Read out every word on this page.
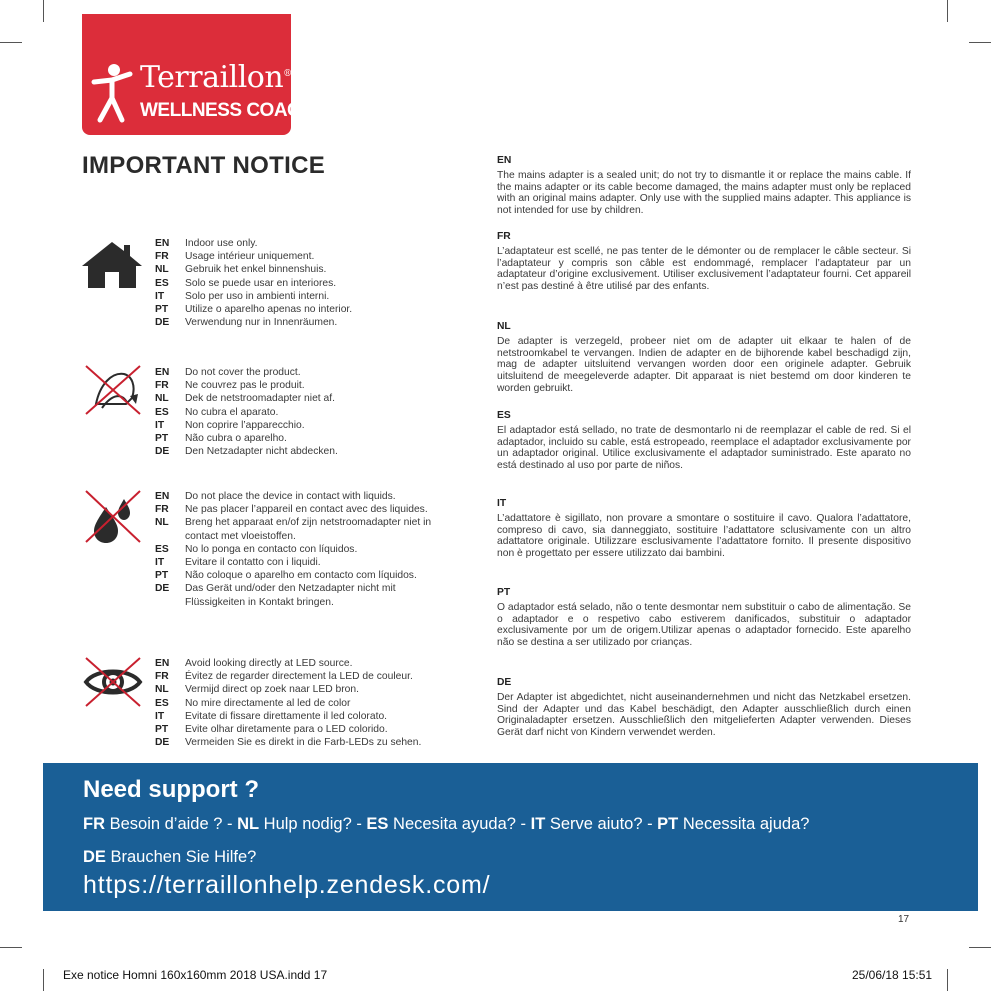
Terraillon®
WELLNESS COACH
IMPORTANT NOTICE
EN	Indoor use only.
FR	Usage intérieur uniquement.
NL	Gebruik het enkel binnenshuis.
ES	Solo se puede usar en interiores.
IT	Solo per uso in ambienti interni.
PT	Utilize o aparelho apenas no interior.
DE	Verwendung nur in Innenräumen.
EN	Do not cover the product.
FR	Ne couvrez pas le produit.
NL	Dek de netstroomadapter niet af.
ES	No cubra el aparato.
IT	Non coprire l’apparecchio.
PT	Não cubra o aparelho.
DE	Den Netzadapter nicht abdecken.
EN	Do not place the device in contact with liquids.
FR	Ne pas placer l’appareil en contact avec des liquides.
NL	Breng het apparaat en/of zijn netstroomadapter niet in contact met vloeistoffen.
ES	No lo ponga en contacto con líquidos.
IT	Evitare il contatto con i liquidi.
PT	Não coloque o aparelho em contacto com líquidos.
DE	Das Gerät und/oder den Netzadapter nicht mit Flüssigkeiten in Kontakt bringen.
EN	Avoid looking directly at LED source.
FR	Évitez de regarder directement la LED de couleur.
NL	Vermijd direct op zoek naar LED bron.
ES	No mire directamente al led de color
IT	Evitate di fissare direttamente il led colorato.
PT	Evite olhar diretamente para o LED colorido.
DE	Vermeiden Sie es direkt in die Farb-LEDs zu sehen.
EN
The mains adapter is a sealed unit; do not try to dismantle it or replace the mains cable. If the mains adapter or its cable become damaged, the mains adapter must only be replaced with an original mains adapter. Only use with the supplied mains adapter. This appliance is not intended for use by children.
FR
L’adaptateur est scellé, ne pas tenter de le démonter ou de remplacer le câble secteur. Si l’adaptateur y compris son câble est endommagé, remplacer l’adaptateur par un adaptateur d’origine exclusivement. Utiliser exclusivement l’adaptateur fourni. Cet appareil n’est pas destiné à être utilisé par des enfants.
NL
De adapter is verzegeld, probeer niet om de adapter uit elkaar te halen of de netstroomkabel te vervangen. Indien de adapter en de bijhorende kabel beschadigd zijn, mag de adapter uitsluitend vervangen worden door een originele adapter. Gebruik uitsluitend de meegeleverde adapter. Dit apparaat is niet bestemd om door kinderen te worden gebruikt.
ES
El adaptador está sellado, no trate de desmontarlo ni de reemplazar el cable de red. Si el adaptador, incluido su cable, está estropeado, reemplace el adaptador exclusivamente por un adaptador original. Utilice exclusivamente el adaptador suministrado. Este aparato no está destinado al uso por parte de niños.
IT
L’adattatore è sigillato, non provare a smontare o sostituire il cavo. Qualora l’adattatore, compreso di cavo, sia danneggiato, sostituire l’adattatore sclusivamente con un altro adattatore originale. Utilizzare esclusivamente l’adattatore fornito. Il presente dispositivo non è progettato per essere utilizzato dai bambini.
PT
O adaptador está selado, não o tente desmontar nem substituir o cabo de alimentação. Se o adaptador e o respetivo cabo estiverem danificados, substituir o adaptador exclusivamente por um de origem.Utilizar apenas o adaptador fornecido. Este aparelho não se destina a ser utilizado por crianças.
DE
Der Adapter ist abgedichtet, nicht auseinandernehmen und nicht das Netzkabel ersetzen. Sind der Adapter und das Kabel beschädigt, den Adapter ausschließlich durch einen Originaladapter ersetzen. Ausschließlich den mitgelieferten Adapter verwenden. Dieses Gerät darf nicht von Kindern verwendet werden.
Need support ?
FR Besoin d’aide ? - NL Hulp nodig? - ES Necesita ayuda? - IT Serve aiuto? - PT Necessita ajuda?
DE Brauchen Sie Hilfe?
https://terraillonhelp.zendesk.com/
17
Exe notice Homni 160x160mm 2018 USA.indd 17	25/06/18 15:51
